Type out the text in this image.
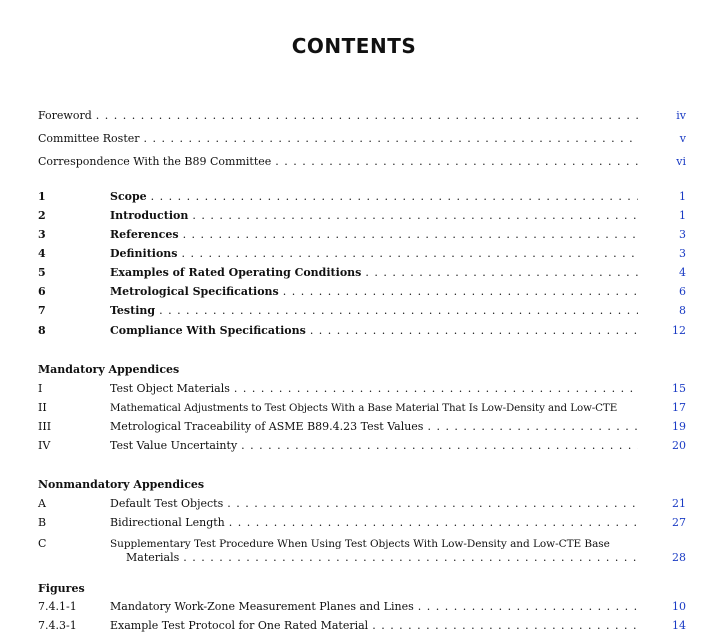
CONTENTS
Foreword . . .	iv
Committee Roster . . .	v
Correspondence With the B89 Committee . . .	vi
1	Scope . . .	1
2	Introduction . . .	1
3	References . . .	3
4	Definitions . . .	3
5	Examples of Rated Operating Conditions . . .	4
6	Metrological Specifications . . .	6
7	Testing . . .	8
8	Compliance With Specifications . . .	12
Mandatory Appendices
I	Test Object Materials . . .	15
II	Mathematical Adjustments to Test Objects With a Base Material That Is Low-Density and Low-CTE	17
III	Metrological Traceability of ASME B89.4.23 Test Values . . .	19
IV	Test Value Uncertainty . . .	20
Nonmandatory Appendices
A	Default Test Objects . . .	21
B	Bidirectional Length . . .	27
C	Supplementary Test Procedure When Using Test Objects With Low-Density and Low-CTE Base
Materials . . .	28
Figures
7.4.1-1	Mandatory Work-Zone Measurement Planes and Lines . . .	10
7.4.3-1	Example Test Protocol for One Rated Material . . .	14
